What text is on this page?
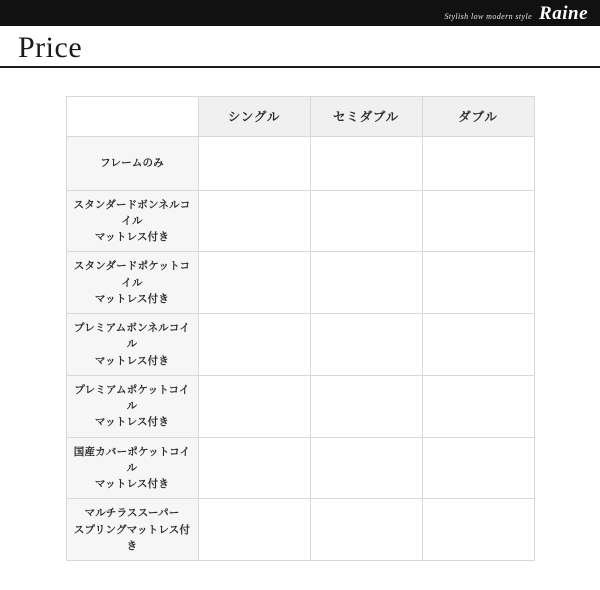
Stylish low modern style Raine
Price
	シングル	セミダブル	ダブル

フレームのみ			

スタンダードボンネルコイル
マットレス付き			

スタンダードポケットコイル
マットレス付き			

プレミアムボンネルコイル
マットレス付き			

プレミアムポケットコイル
マットレス付き			

国産カバーポケットコイル
マットレス付き			

マルチラススーパー
スプリングマットレス付き			
